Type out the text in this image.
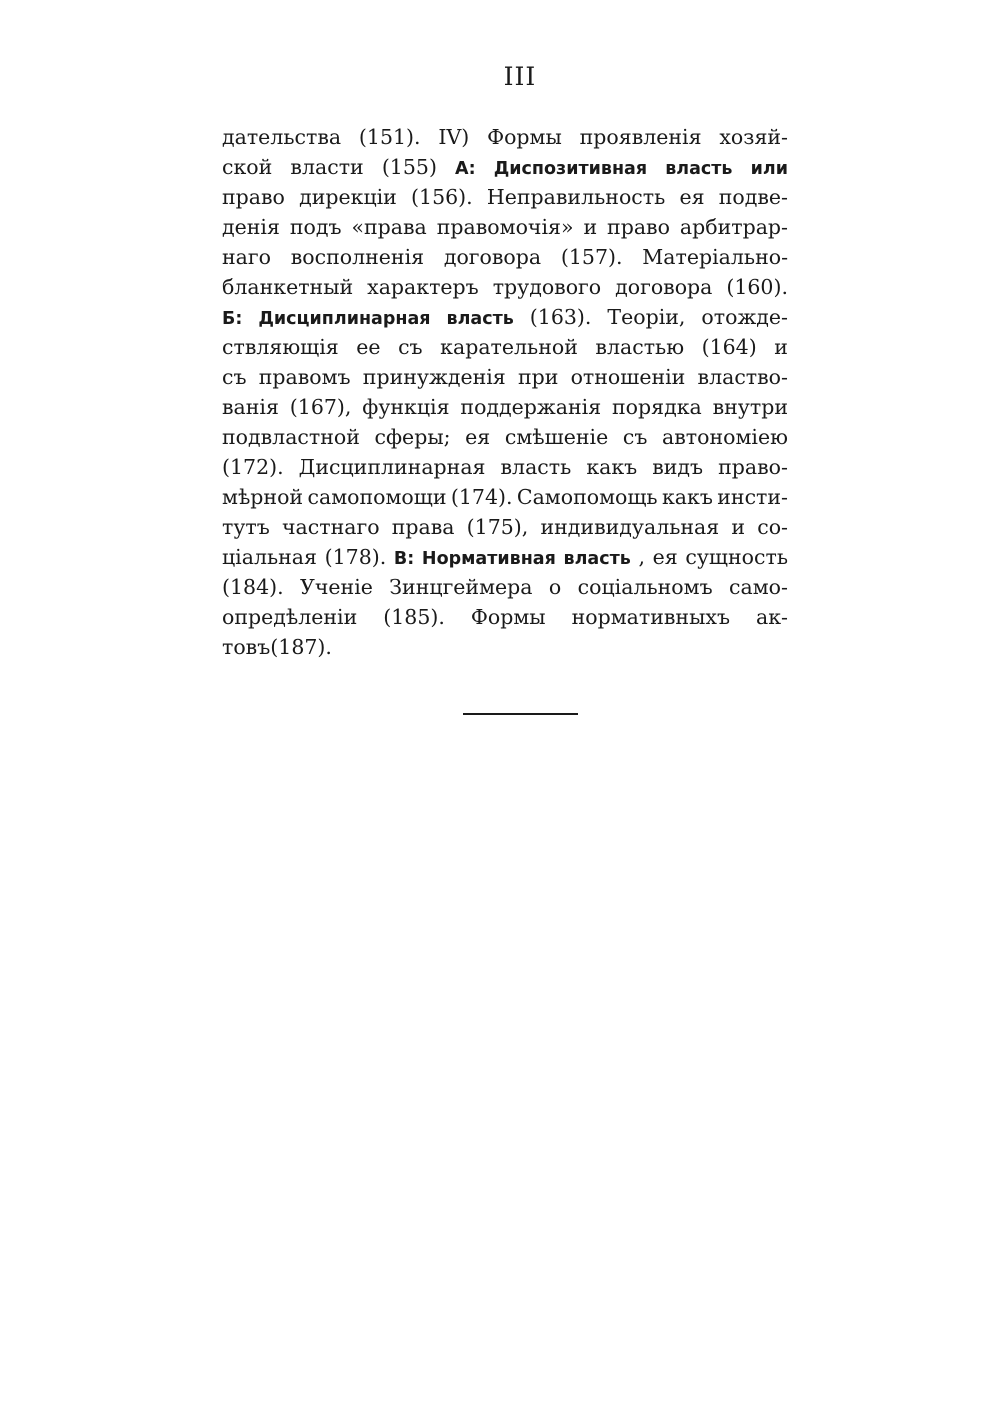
III
дательства (151). IV) Формы проявленія хозяй-
ской власти (155) А: Диспозитивная власть или
право дирекціи (156). Неправильность ея подве-
денія подъ «права правомочія» и право арбитрар-
наго восполненія договора (157). Матеріально-
бланкетный характеръ трудового договора (160).
Б: Дисциплинарная власть (163). Теоріи, отожде-
ствляющія ее съ карательной властью (164) и
съ правомъ принужденія при отношеніи властво-
ванія (167), функція поддержанія порядка внутри
подвластной сферы; ея смѣшеніе съ автономіею
(172). Дисциплинарная власть какъ видъ право-
мѣрной самопомощи (174). Самопомощь какъ инсти-
тутъ частнаго права (175), индивидуальная и со-
ціальная (178). В: Нормативная власть , ея сущность
(184). Ученіе Зинцгеймера о соціальномъ само-
опредѣленіи (185). Формы нормативныхъ ак-
товъ (187).
